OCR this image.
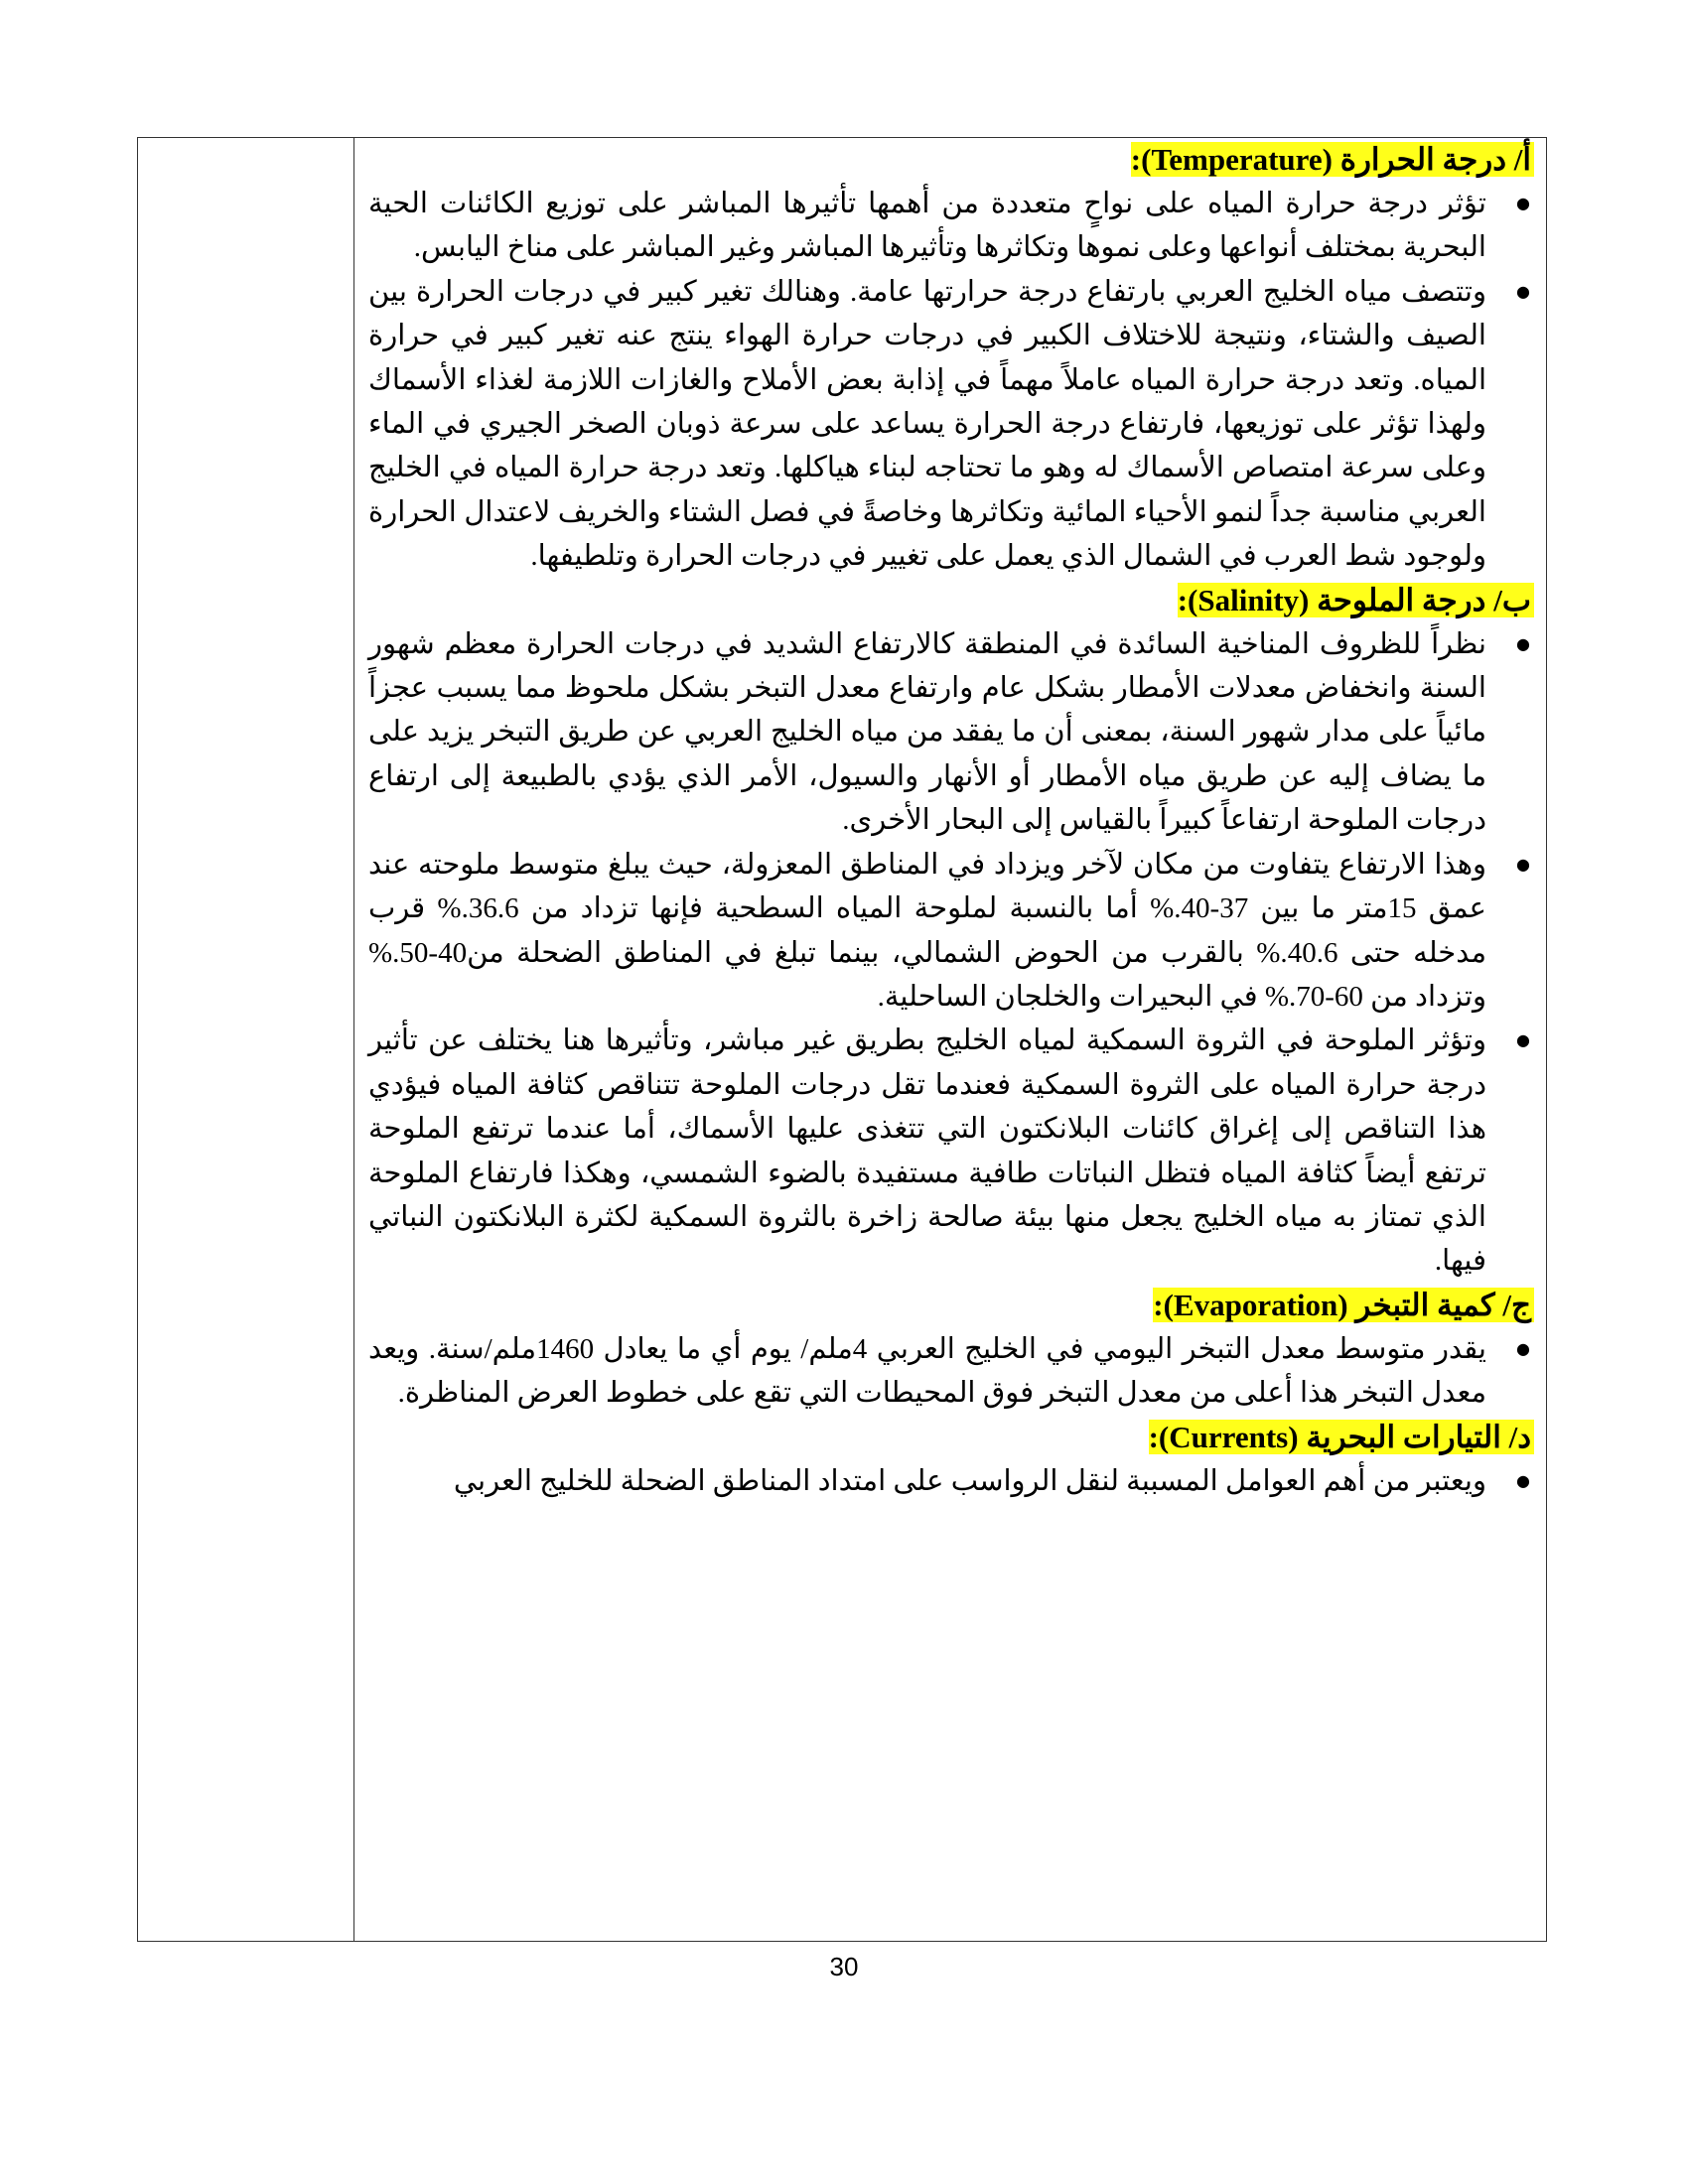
أ/ درجة الحرارة (Temperature):
● تؤثر درجة حرارة المياه على نواحٍ متعددة من أهمها تأثيرها المباشر على توزيع الكائنات الحية البحرية بمختلف أنواعها وعلى نموها وتكاثرها وتأثيرها المباشر وغير المباشر على مناخ اليابس.
● وتتصف مياه الخليج العربي بارتفاع درجة حرارتها عامة. وهنالك تغير كبير في درجات الحرارة بين الصيف والشتاء، ونتيجة للاختلاف الكبير في درجات حرارة الهواء ينتج عنه تغير كبير في حرارة المياه. وتعد درجة حرارة المياه عاملاً مهماً في إذابة بعض الأملاح والغازات اللازمة لغذاء الأسماك ولهذا تؤثر على توزيعها، فارتفاع درجة الحرارة يساعد على سرعة ذوبان الصخر الجيري في الماء وعلى سرعة امتصاص الأسماك له وهو ما تحتاجه لبناء هياكلها. وتعد درجة حرارة المياه في الخليج العربي مناسبة جداً لنمو الأحياء المائية وتكاثرها وخاصةً في فصل الشتاء والخريف لاعتدال الحرارة ولوجود شط العرب في الشمال الذي يعمل على تغيير في درجات الحرارة وتلطيفها.
ب/ درجة الملوحة (Salinity):
● نظراً للظروف المناخية السائدة في المنطقة كالارتفاع الشديد في درجات الحرارة معظم شهور السنة وانخفاض معدلات الأمطار بشكل عام وارتفاع معدل التبخر بشكل ملحوظ مما يسبب عجزاً مائياً على مدار شهور السنة، بمعنى أن ما يفقد من مياه الخليج العربي عن طريق التبخر يزيد على ما يضاف إليه عن طريق مياه الأمطار أو الأنهار والسيول، الأمر الذي يؤدي بالطبيعة إلى ارتفاع درجات الملوحة ارتفاعاً كبيراً بالقياس إلى البحار الأخرى.
● وهذا الارتفاع يتفاوت من مكان لآخر ويزداد في المناطق المعزولة، حيث يبلغ متوسط ملوحته عند عمق 15متر ما بين 37-40.% أما بالنسبة لملوحة المياه السطحية فإنها تزداد من 36.6.% قرب مدخله حتى 40.6.% بالقرب من الحوض الشمالي، بينما تبلغ في المناطق الضحلة من40-50.% وتزداد من 60-70.% في البحيرات والخلجان الساحلية.
● وتؤثر الملوحة في الثروة السمكية لمياه الخليج بطريق غير مباشر، وتأثيرها هنا يختلف عن تأثير درجة حرارة المياه على الثروة السمكية فعندما تقل درجات الملوحة تتناقص كثافة المياه فيؤدي هذا التناقص إلى إغراق كائنات البلانكتون التي تتغذى عليها الأسماك، أما عندما ترتفع الملوحة ترتفع أيضاً كثافة المياه فتظل النباتات طافية مستفيدة بالضوء الشمسي، وهكذا فارتفاع الملوحة الذي تمتاز به مياه الخليج يجعل منها بيئة صالحة زاخرة بالثروة السمكية لكثرة البلانكتون النباتي فيها.
ج/ كمية التبخر (Evaporation):
● يقدر متوسط معدل التبخر اليومي في الخليج العربي 4ملم/ يوم أي ما يعادل 1460ملم/سنة. ويعد معدل التبخر هذا أعلى من معدل التبخر فوق المحيطات التي تقع على خطوط العرض المناظرة.
د/ التيارات البحرية (Currents):
● ويعتبر من أهم العوامل المسببة لنقل الرواسب على امتداد المناطق الضحلة للخليج العربي
30
